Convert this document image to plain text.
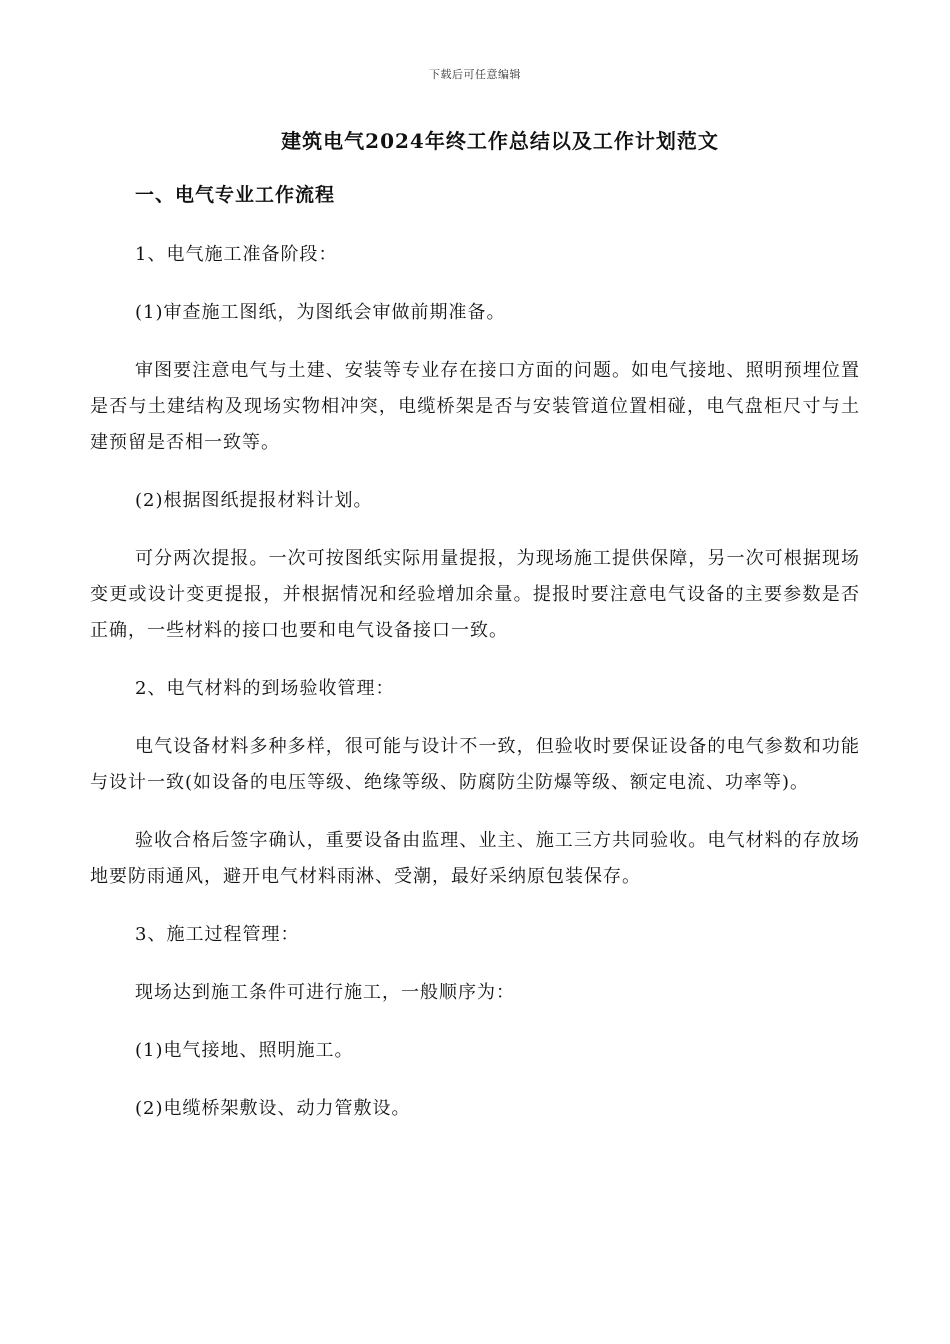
下载后可任意编辑
建筑电气2024年终工作总结以及工作计划范文
一、电气专业工作流程

1、电气施工准备阶段：

(1)审查施工图纸，为图纸会审做前期准备。

审图要注意电气与土建、安装等专业存在接口方面的问题。如电气接地、照明预埋位置是否与土建结构及现场实物相冲突，电缆桥架是否与安装管道位置相碰，电气盘柜尺寸与土建预留是否相一致等。

(2)根据图纸提报材料计划。

可分两次提报。一次可按图纸实际用量提报，为现场施工提供保障，另一次可根据现场变更或设计变更提报，并根据情况和经验增加余量。提报时要注意电气设备的主要参数是否正确，一些材料的接口也要和电气设备接口一致。

2、电气材料的到场验收管理：

电气设备材料多种多样，很可能与设计不一致，但验收时要保证设备的电气参数和功能与设计一致(如设备的电压等级、绝缘等级、防腐防尘防爆等级、额定电流、功率等)。

验收合格后签字确认，重要设备由监理、业主、施工三方共同验收。电气材料的存放场地要防雨通风，避开电气材料雨淋、受潮，最好采纳原包装保存。

3、施工过程管理：

现场达到施工条件可进行施工，一般顺序为：

(1)电气接地、照明施工。

(2)电缆桥架敷设、动力管敷设。
